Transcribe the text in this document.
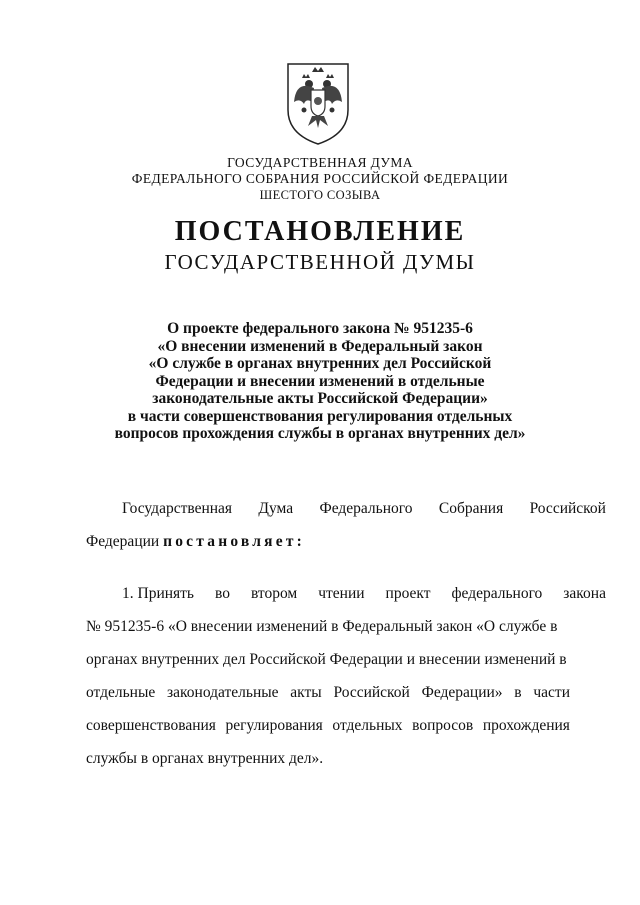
ГОСУДАРСТВЕННАЯ ДУМА
ФЕДЕРАЛЬНОГО СОБРАНИЯ РОССИЙСКОЙ ФЕДЕРАЦИИ
ШЕСТОГО СОЗЫВА
ПОСТАНОВЛЕНИЕ
ГОСУДАРСТВЕННОЙ ДУМЫ
О проекте федерального закона № 951235-6
«О внесении изменений в Федеральный закон
«О службе в органах внутренних дел Российской
Федерации и внесении изменений в отдельные
законодательные акты Российской Федерации»
в части совершенствования регулирования отдельных
вопросов прохождения службы в органах внутренних дел»
Государственная Дума Федерального Собрания Российской
Федерации постановляет:
1. Принять во втором чтении проект федерального закона
№ 951235-6 «О внесении изменений в Федеральный закон «О службе в
органах внутренних дел Российской Федерации и внесении изменений в
отдельные законодательные акты Российской Федерации» в части
совершенствования регулирования отдельных вопросов прохождения
службы в органах внутренних дел».
